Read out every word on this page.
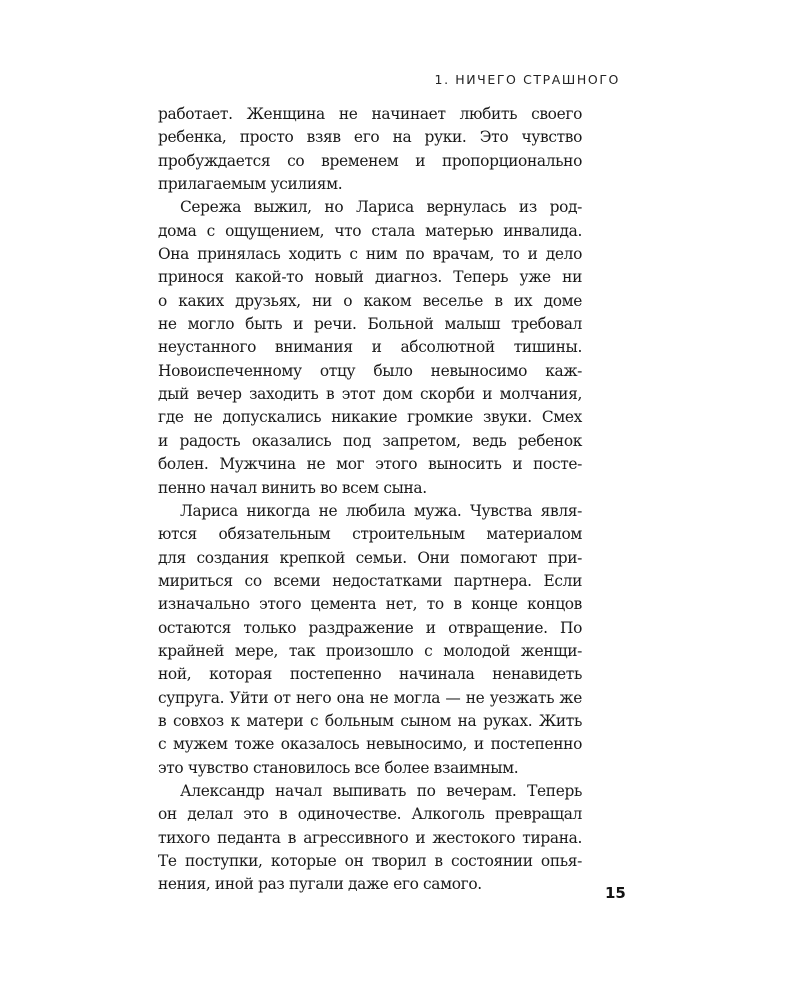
1. НИЧЕГО СТРАШНОГО
работает. Женщина не начинает любить своего
ребенка, просто взяв его на руки. Это чувство
пробуждается со временем и пропорционально
прилагаемым усилиям.
Сережа выжил, но Лариса вернулась из род-
дома с ощущением, что стала матерью инвалида.
Она принялась ходить с ним по врачам, то и дело
принося какой-то новый диагноз. Теперь уже ни
о каких друзьях, ни о каком веселье в их доме
не могло быть и речи. Больной малыш требовал
неустанного внимания и абсолютной тишины.
Новоиспеченному отцу было невыносимо каж-
дый вечер заходить в этот дом скорби и молчания,
где не допускались никакие громкие звуки. Смех
и радость оказались под запретом, ведь ребенок
болен. Мужчина не мог этого выносить и посте-
пенно начал винить во всем сына.
Лариса никогда не любила мужа. Чувства явля-
ются обязательным строительным материалом
для создания крепкой семьи. Они помогают при-
мириться со всеми недостатками партнера. Если
изначально этого цемента нет, то в конце концов
остаются только раздражение и отвращение. По
крайней мере, так произошло с молодой женщи-
ной, которая постепенно начинала ненавидеть
супруга. Уйти от него она не могла — не уезжать же
в совхоз к матери с больным сыном на руках. Жить
с мужем тоже оказалось невыносимо, и постепенно
это чувство становилось все более взаимным.
Александр начал выпивать по вечерам. Теперь
он делал это в одиночестве. Алкоголь превращал
тихого педанта в агрессивного и жестокого тирана.
Те поступки, которые он творил в состоянии опья-
нения, иной раз пугали даже его самого.	15
